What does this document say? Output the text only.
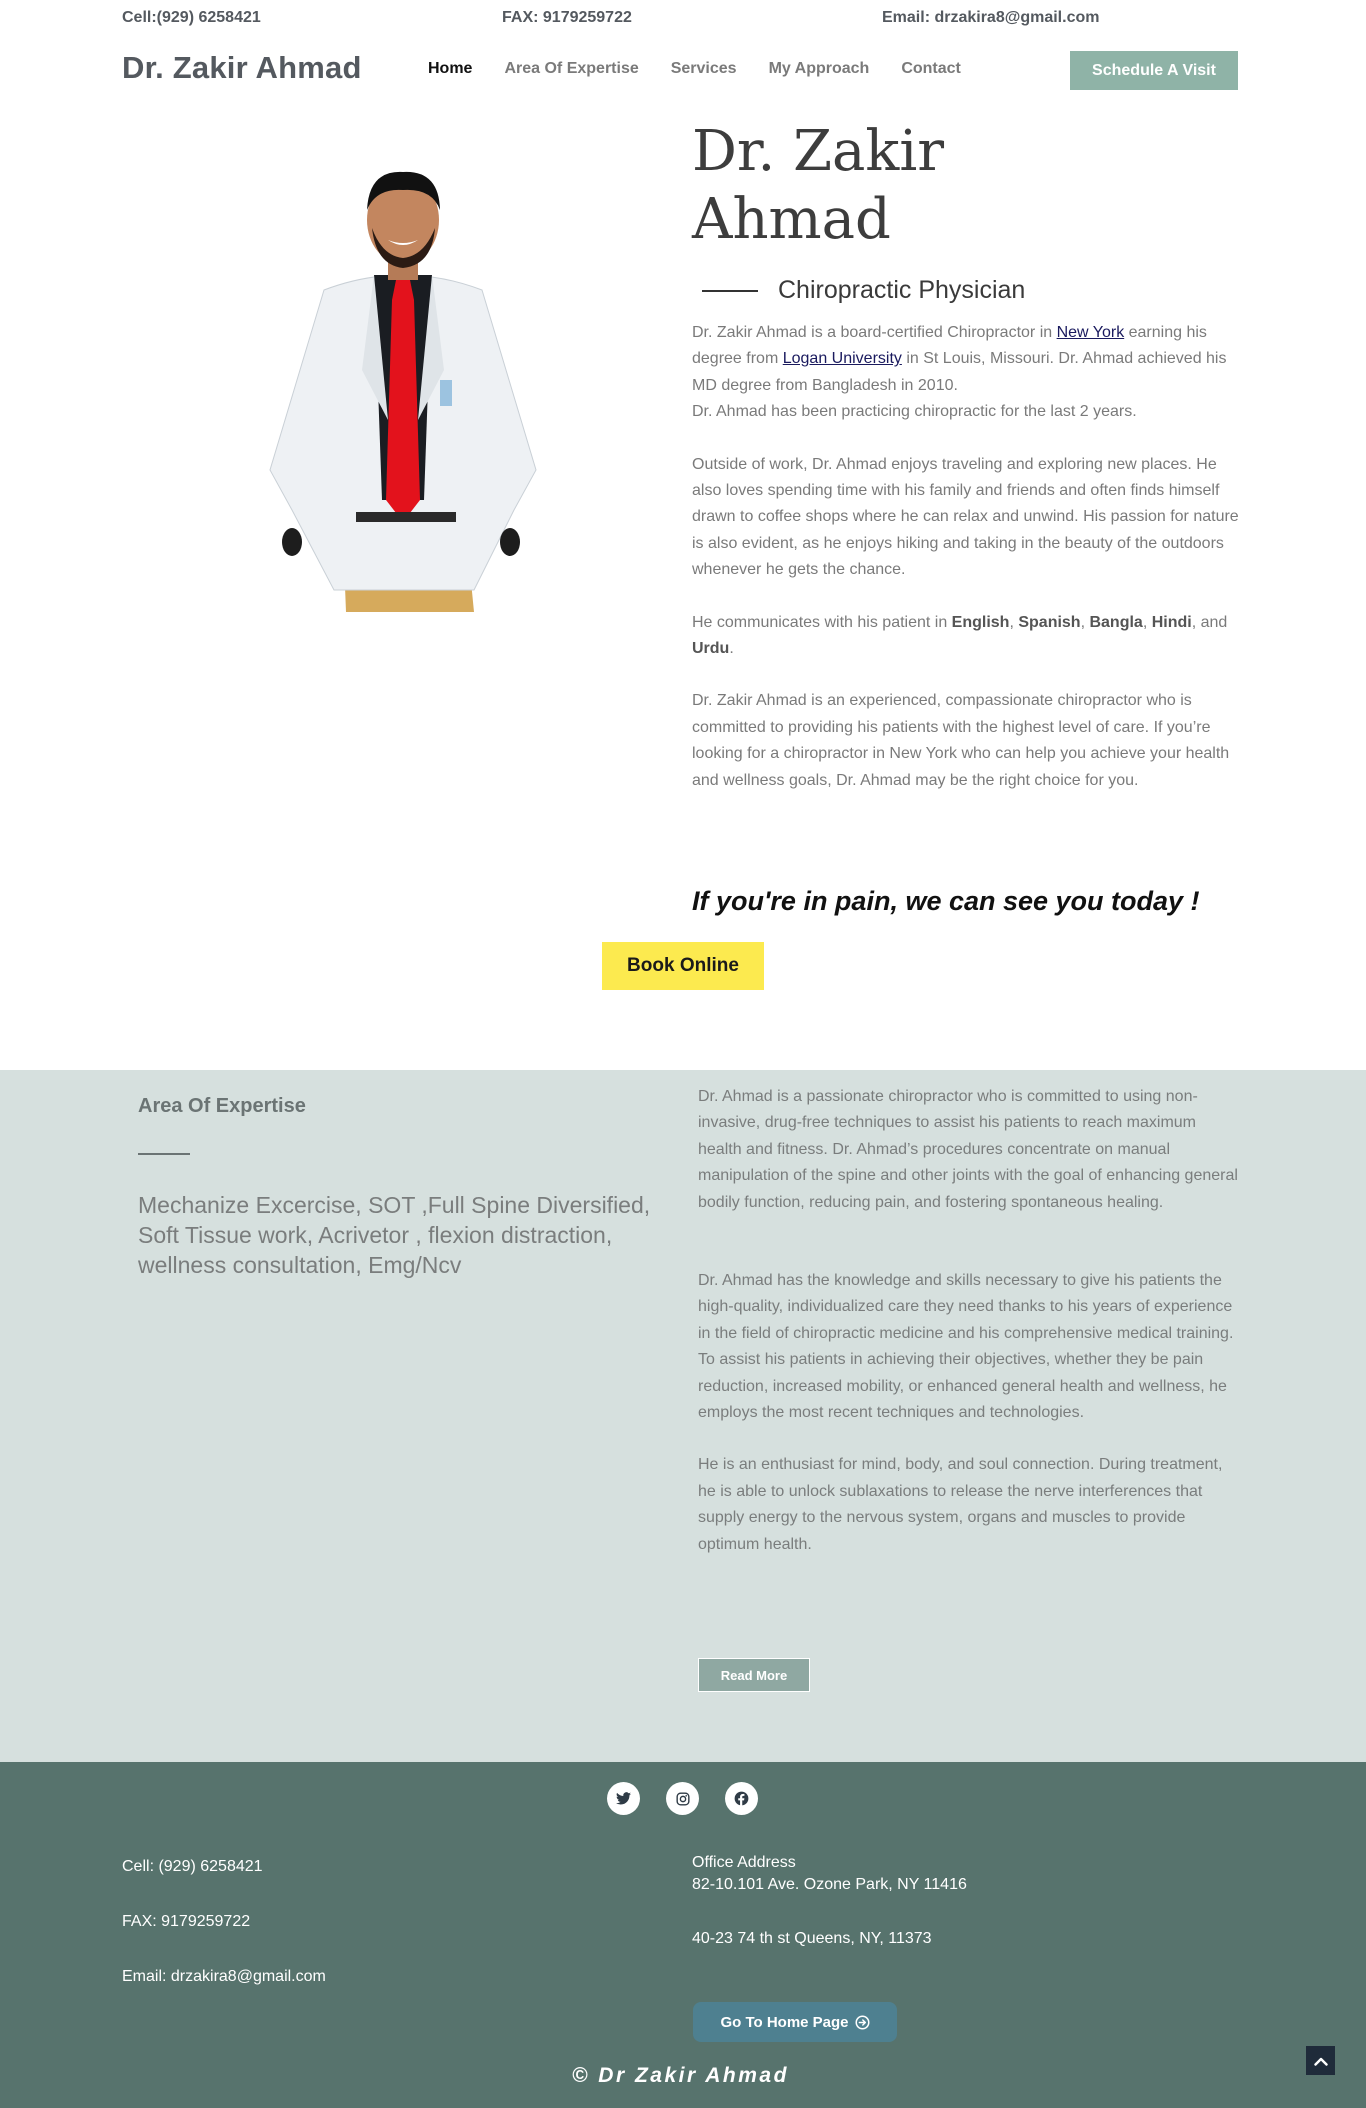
Cell:(929) 6258421	FAX: 9179259722	Email: drzakira8@gmail.com
Dr. Zakir Ahmad	Home Area Of Expertise Services My Approach Contact	Schedule A Visit
Dr. Zakir Ahmad
Chiropractic Physician

Dr. Zakir Ahmad is a board-certified Chiropractor in New York earning his degree from Logan University in St Louis, Missouri. Dr. Ahmad achieved his MD degree from Bangladesh in 2010.
Dr. Ahmad has been practicing chiropractic for the last 2 years.

Outside of work, Dr. Ahmad enjoys traveling and exploring new places. He also loves spending time with his family and friends and often finds himself drawn to coffee shops where he can relax and unwind. His passion for nature is also evident, as he enjoys hiking and taking in the beauty of the outdoors whenever he gets the chance.

He communicates with his patient in English, Spanish, Bangla, Hindi, and Urdu.

Dr. Zakir Ahmad is an experienced, compassionate chiropractor who is committed to providing his patients with the highest level of care. If you’re looking for a chiropractor in New York who can help you achieve your health and wellness goals, Dr. Ahmad may be the right choice for you.

If you're in pain, we can see you today !
Book Online
Area Of Expertise
Mechanize Excercise, SOT ,Full Spine Diversified, Soft Tissue work, Acrivetor , flexion distraction, wellness consultation, Emg/Ncv

Dr. Ahmad is a passionate chiropractor who is committed to using non-invasive, drug-free techniques to assist his patients to reach maximum health and fitness. Dr. Ahmad’s procedures concentrate on manual manipulation of the spine and other joints with the goal of enhancing general bodily function, reducing pain, and fostering spontaneous healing.

Dr. Ahmad has the knowledge and skills necessary to give his patients the high-quality, individualized care they need thanks to his years of experience in the field of chiropractic medicine and his comprehensive medical training. To assist his patients in achieving their objectives, whether they be pain reduction, increased mobility, or enhanced general health and wellness, he employs the most recent techniques and technologies.

He is an enthusiast for mind, body, and soul connection. During treatment, he is able to unlock sublaxations to release the nerve interferences that supply energy to the nervous system, organs and muscles to provide optimum health.

Read More
Cell: (929) 6258421
FAX: 9179259722
Email: drzakira8@gmail.com
Office Address
82-10.101 Ave. Ozone Park, NY 11416
40-23 74 th st Queens, NY, 11373
Go To Home Page
© Dr Zakir Ahmad
